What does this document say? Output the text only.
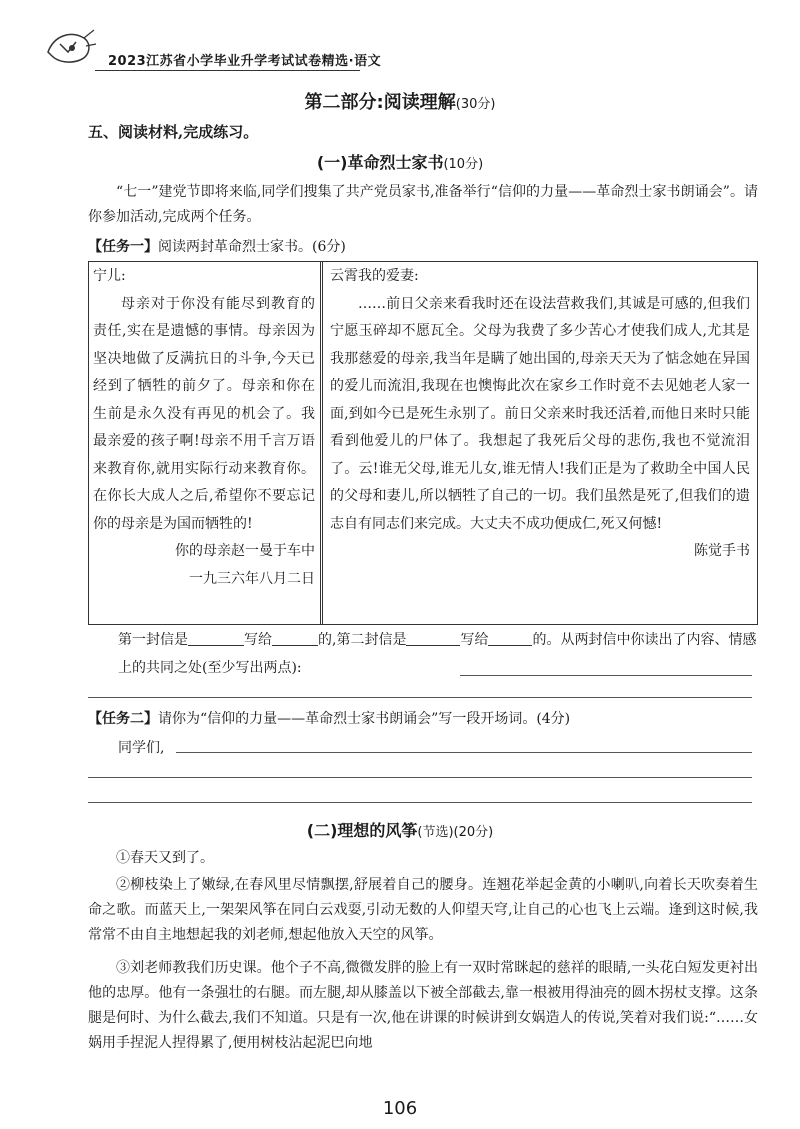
2023江苏省小学毕业升学考试试卷精选·语文
第二部分:阅读理解(30分)
五、阅读材料,完成练习。
(一)革命烈士家书(10分)
“七一”建党节即将来临,同学们搜集了共产党员家书,准备举行“信仰的力量——革命烈士家书朗诵会”。请你参加活动,完成两个任务。
【任务一】阅读两封革命烈士家书。(6分)
宁儿:
母亲对于你没有能尽到教育的责任,实在是遗憾的事情。母亲因为坚决地做了反满抗日的斗争,今天已经到了牺牲的前夕了。母亲和你在生前是永久没有再见的机会了。我最亲爱的孩子啊!母亲不用千言万语来教育你,就用实际行动来教育你。在你长大成人之后,希望你不要忘记你的母亲是为国而牺牲的!
你的母亲赵一曼于车中
一九三六年八月二日
云霄我的爱妻:
……前日父亲来看我时还在设法营救我们,其诚是可感的,但我们宁愿玉碎却不愿瓦全。父母为我费了多少苦心才使我们成人,尤其是我那慈爱的母亲,我当年是瞒了她出国的,母亲天天为了惦念她在异国的爱儿而流泪,我现在也懊悔此次在家乡工作时竟不去见她老人家一面,到如今已是死生永别了。前日父亲来时我还活着,而他日来时只能看到他爱儿的尸体了。我想起了我死后父母的悲伤,我也不觉流泪了。云!谁无父母,谁无儿女,谁无情人!我们正是为了救助全中国人民的父母和妻儿,所以牺牲了自己的一切。我们虽然是死了,但我们的遗志自有同志们来完成。大丈夫不成功便成仁,死又何憾!
陈觉手书
第一封信是	写给	的,第二封信是	写给	的。从两封信中你读出了内容、情感上的共同之处(至少写出两点):
【任务二】请你为“信仰的力量——革命烈士家书朗诵会”写一段开场词。(4分)
同学们,
(二)理想的风筝(节选)(20分)
①春天又到了。
②柳枝染上了嫩绿,在春风里尽情飘摆,舒展着自己的腰身。连翘花举起金黄的小喇叭,向着长天吹奏着生命之歌。而蓝天上,一架架风筝在同白云戏耍,引动无数的人仰望天穹,让自己的心也飞上云端。逢到这时候,我常常不由自主地想起我的刘老师,想起他放入天空的风筝。
③刘老师教我们历史课。他个子不高,微微发胖的脸上有一双时常眯起的慈祥的眼睛,一头花白短发更衬出他的忠厚。他有一条强壮的右腿。而左腿,却从膝盖以下被全部截去,靠一根被用得油亮的圆木拐杖支撑。这条腿是何时、为什么截去,我们不知道。只是有一次,他在讲课的时候讲到女娲造人的传说,笑着对我们说:“……女娲用手捏泥人捏得累了,便用树枝沾起泥巴向地
106
